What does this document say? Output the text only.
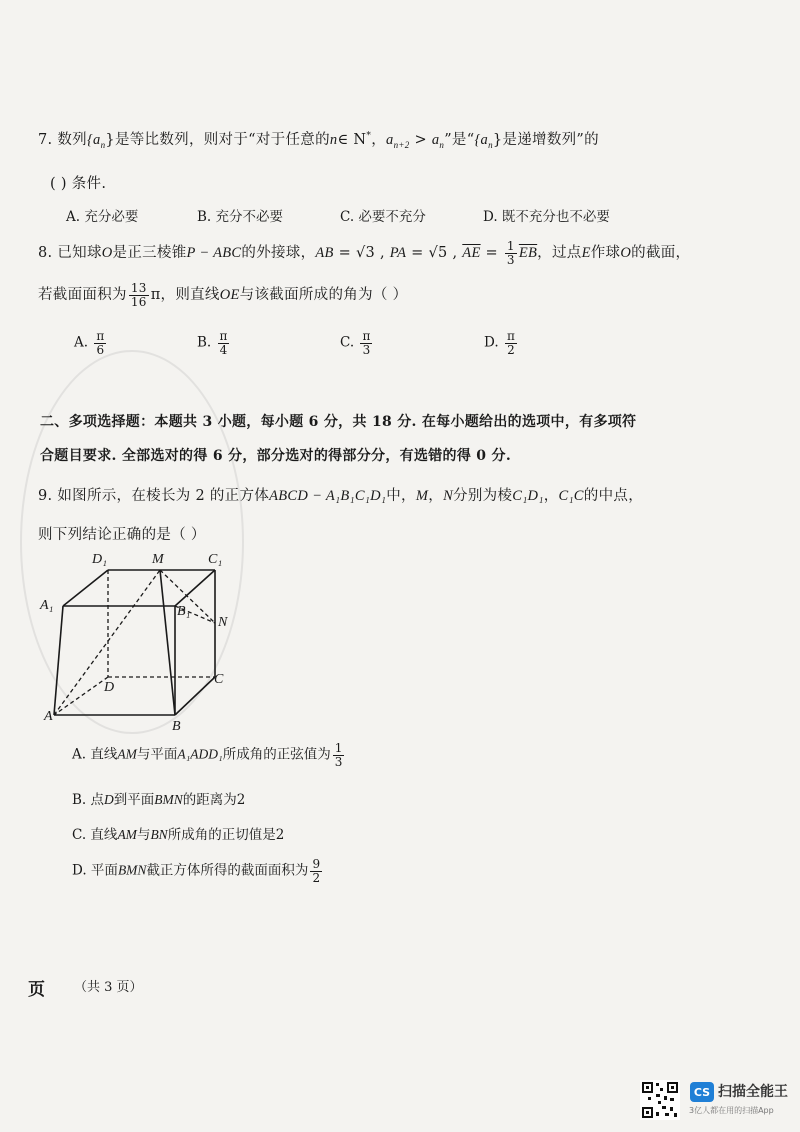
7. 数列$\{a_n\}$是等比数列，则对于“对于任意的n∈ N*，$a_{n+2} > a_n$”是“$\{a_n\}$是递增数列”的
( ) 条件.
A. 充分必要	B. 充分不必要	C. 必要不充分	D. 既不充分也不必要
8. 已知球O是正三棱锥P − ABC的外接球，AB = √3 , PA = √5 , $\overline{AE} = \frac{1}{3} \overline{EB}$，过点E作球O的截面，
若截面面积为 $\frac{13}{16}$ π，则直线OE与该截面所成的角为（ ）
A. $\frac{\pi}{6}$	B. $\frac{\pi}{4}$	C. $\frac{\pi}{3}$	D. $\frac{\pi}{2}$
二、多项选择题：本题共 3 小题，每小题 6 分，共 18 分. 在每小题给出的选项中，有多项符
合题目要求. 全部选对的得 6 分，部分选对的得部分分，有选错的得 0 分.
9. 如图所示，在棱长为 2 的正方体ABCD − A₁B₁C₁D₁中，M，N分别为棱C₁D₁，C₁C的中点，
则下列结论正确的是（ ）
D₁	M	C₁
A₁	B₁
N
D
C
A
B
A. 直线AM与平面A₁ADD₁所成角的正弦值为 $\frac{1}{3}$
B. 点D到平面BMN的距离为2
C. 直线AM与BN所成角的正切值是2
D. 平面BMN截正方体所得的截面面积为 $\frac{9}{2}$
页 （共 3 页）
CS 扫描全能王
3亿人都在用的扫描App
